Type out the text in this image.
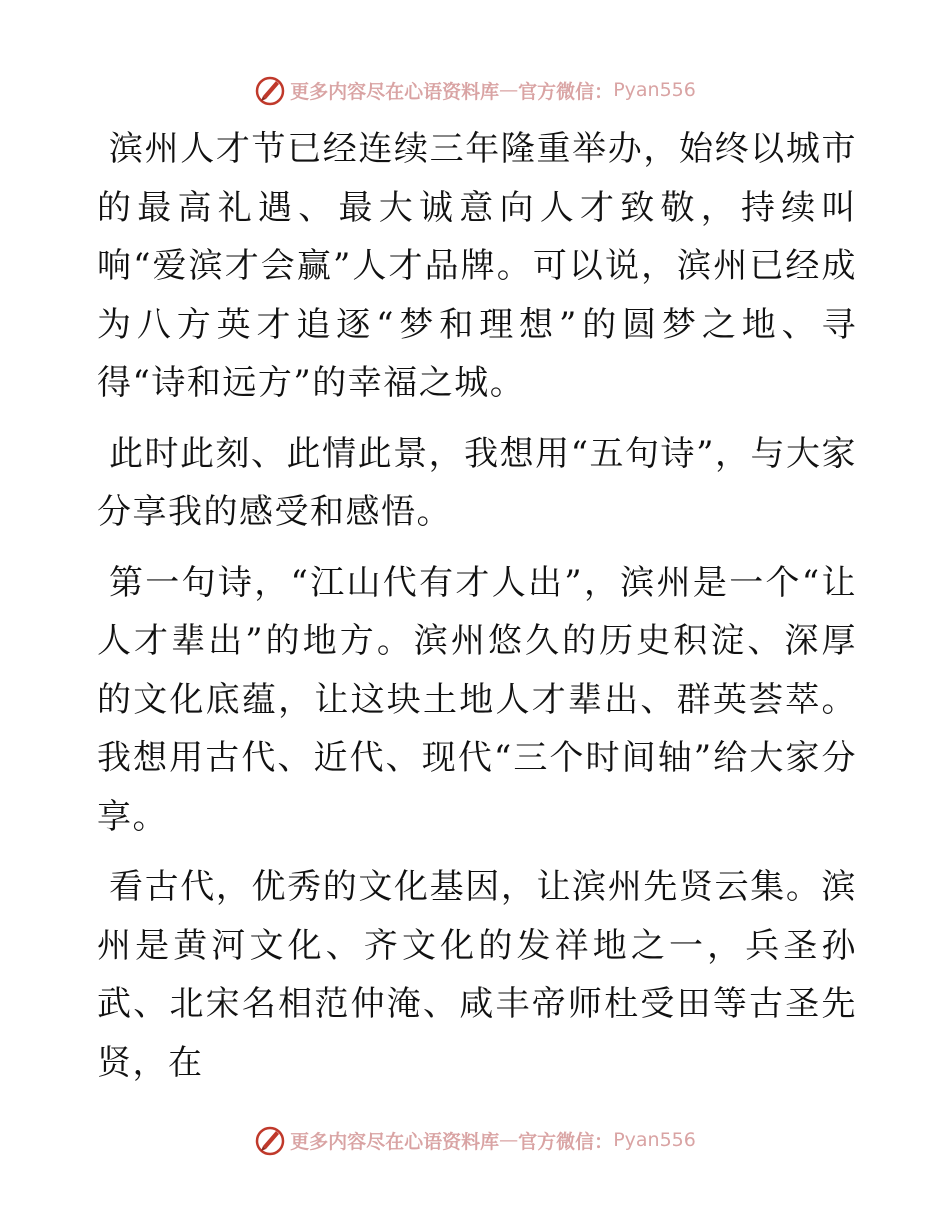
更多内容尽在心语资料库 — 官方微信： Pyan556

滨州人才节已经连续三年隆重举办，始终以城市的最高礼遇、最大诚意向人才致敬，持续叫响“爱滨才会赢”人才品牌。可以说，滨州已经成为八方英才追逐“梦和理想”的圆梦之地、寻得“诗和远方”的幸福之城。

此时此刻、此情此景，我想用“五句诗”，与大家分享我的感受和感悟。

第一句诗，“江山代有才人出”，滨州是一个“让人才辈出”的地方。滨州悠久的历史积淀、深厚的文化底蕴，让这块土地人才辈出、群英荟萃。我想用古代、近代、现代“三个时间轴”给大家分享。

看古代，优秀的文化基因，让滨州先贤云集。滨州是黄河文化、齐文化的发祥地之一，兵圣孙武、北宋名相范仲淹、咸丰帝师杜受田等古圣先贤，在

更多内容尽在心语资料库 — 官方微信： Pyan556
